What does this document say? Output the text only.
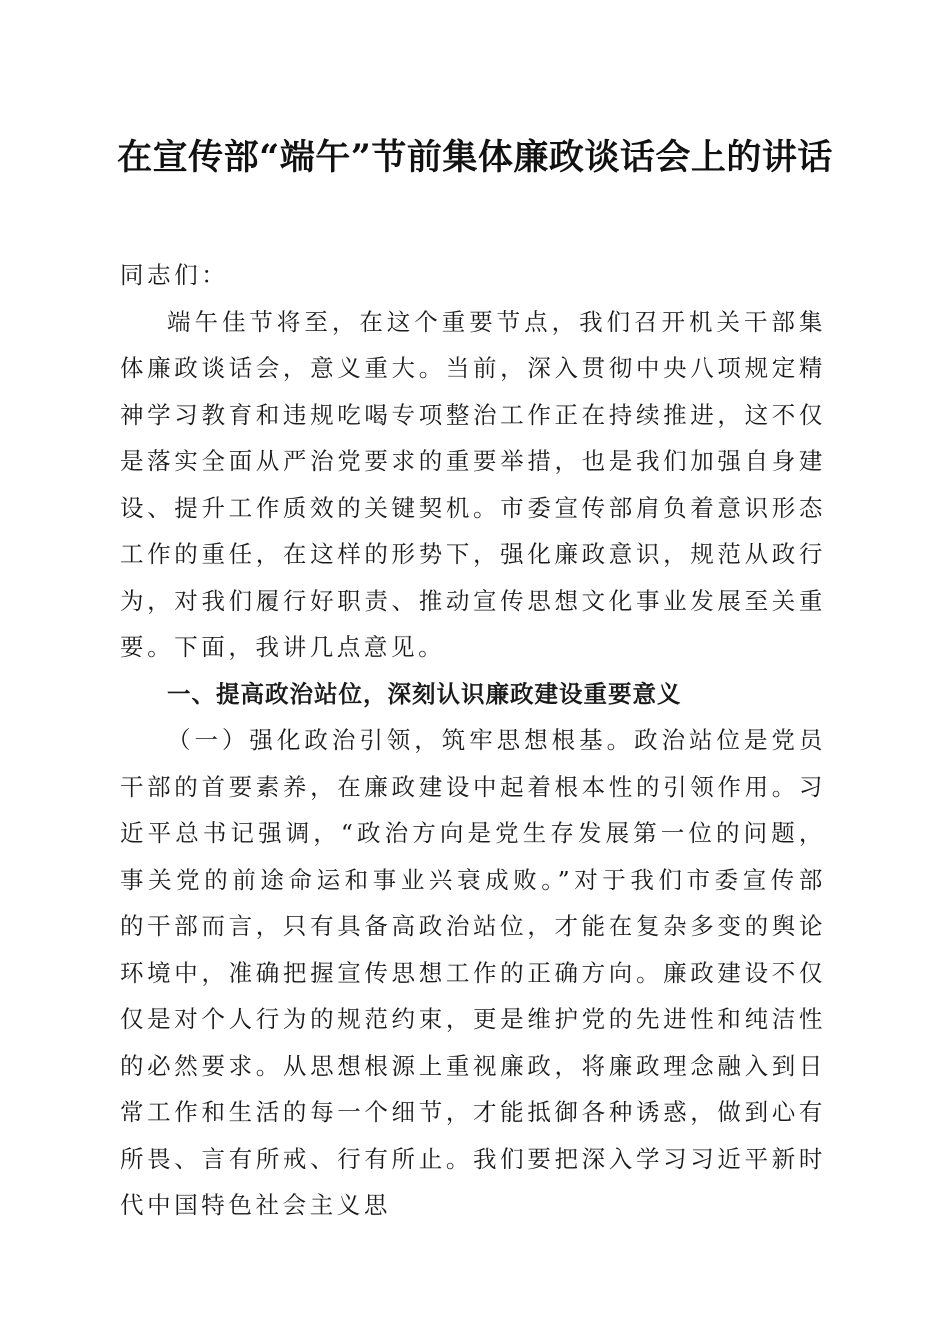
在宣传部“端午”节前集体廉政谈话会上的讲话

同志们：

端午佳节将至，在这个重要节点，我们召开机关干部集体廉政谈话会，意义重大。当前，深入贯彻中央八项规定精神学习教育和违规吃喝专项整治工作正在持续推进，这不仅是落实全面从严治党要求的重要举措，也是我们加强自身建设、提升工作质效的关键契机。市委宣传部肩负着意识形态工作的重任，在这样的形势下，强化廉政意识，规范从政行为，对我们履行好职责、推动宣传思想文化事业发展至关重要。下面，我讲几点意见。

一、提高政治站位，深刻认识廉政建设重要意义

（一）强化政治引领，筑牢思想根基。政治站位是党员干部的首要素养，在廉政建设中起着根本性的引领作用。习近平总书记强调，“政治方向是党生存发展第一位的问题，事关党的前途命运和事业兴衰成败。”对于我们市委宣传部的干部而言，只有具备高政治站位，才能在复杂多变的舆论环境中，准确把握宣传思想工作的正确方向。廉政建设不仅仅是对个人行为的规范约束，更是维护党的先进性和纯洁性的必然要求。从思想根源上重视廉政，将廉政理念融入到日常工作和生活的每一个细节，才能抵御各种诱惑，做到心有所畏、言有所戒、行有所止。我们要把深入学习习近平新时代中国特色社会主义思
